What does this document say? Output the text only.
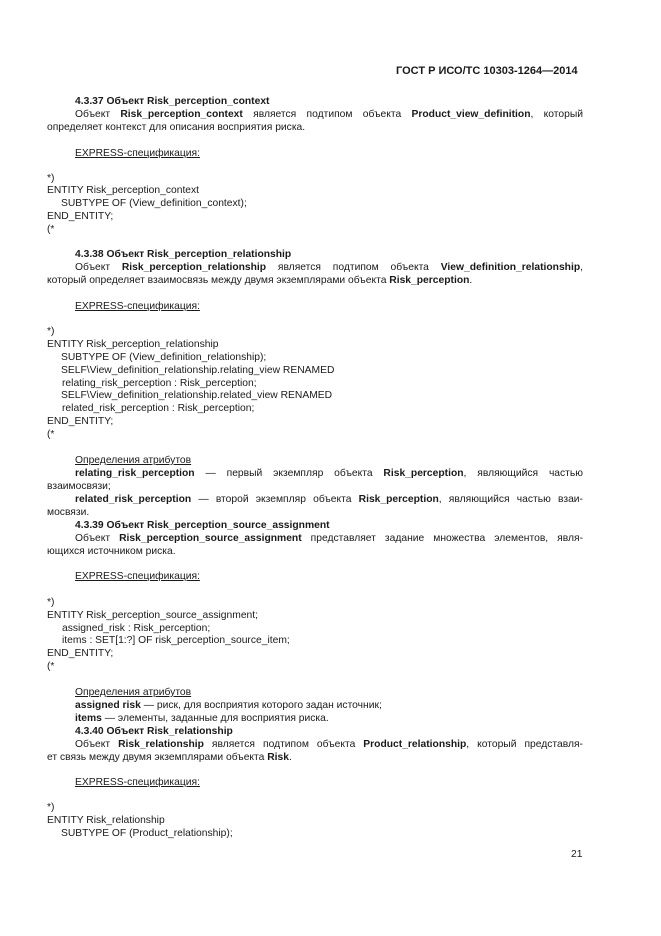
ГОСТ Р ИСО/ТС 10303-1264—2014
4.3.37 Объект Risk_perception_context
Объект Risk_perception_context является подтипом объекта Product_view_definition, который
определяет контекст для описания восприятия риска.
EXPRESS-спецификация:
*)
ENTITY Risk_perception_context
SUBTYPE OF (View_definition_context);
END_ENTITY;
(*
4.3.38 Объект Risk_perception_relationship
Объект Risk_perception_relationship является подтипом объекта View_definition_relationship,
который определяет взаимосвязь между двумя экземплярами объекта Risk_perception.
EXPRESS-спецификация:
*)
ENTITY Risk_perception_relationship
SUBTYPE OF (View_definition_relationship);
SELF\View_definition_relationship.relating_view RENAMED
relating_risk_perception : Risk_perception;
SELF\View_definition_relationship.related_view RENAMED
related_risk_perception : Risk_perception;
END_ENTITY;
(*
Определения атрибутов
relating_risk_perception — первый экземпляр объекта Risk_perception, являющийся частью
взаимосвязи;
related_risk_perception — второй экземпляр объекта Risk_perception, являющийся частью взаи-
мосвязи.
4.3.39 Объект Risk_perception_source_assignment
Объект Risk_perception_source_assignment представляет задание множества элементов, явля-
ющихся источником риска.
EXPRESS-спецификация:
*)
ENTITY Risk_perception_source_assignment;
assigned_risk : Risk_perception;
items : SET[1:?] OF risk_perception_source_item;
END_ENTITY;
(*
Определения атрибутов
assigned risk — риск, для восприятия которого задан источник;
items — элементы, заданные для восприятия риска.
4.3.40 Объект Risk_relationship
Объект Risk_relationship является подтипом объекта Product_relationship, который представля-
ет связь между двумя экземплярами объекта Risk.
EXPRESS-спецификация:
*)
ENTITY Risk_relationship
SUBTYPE OF (Product_relationship);
21
